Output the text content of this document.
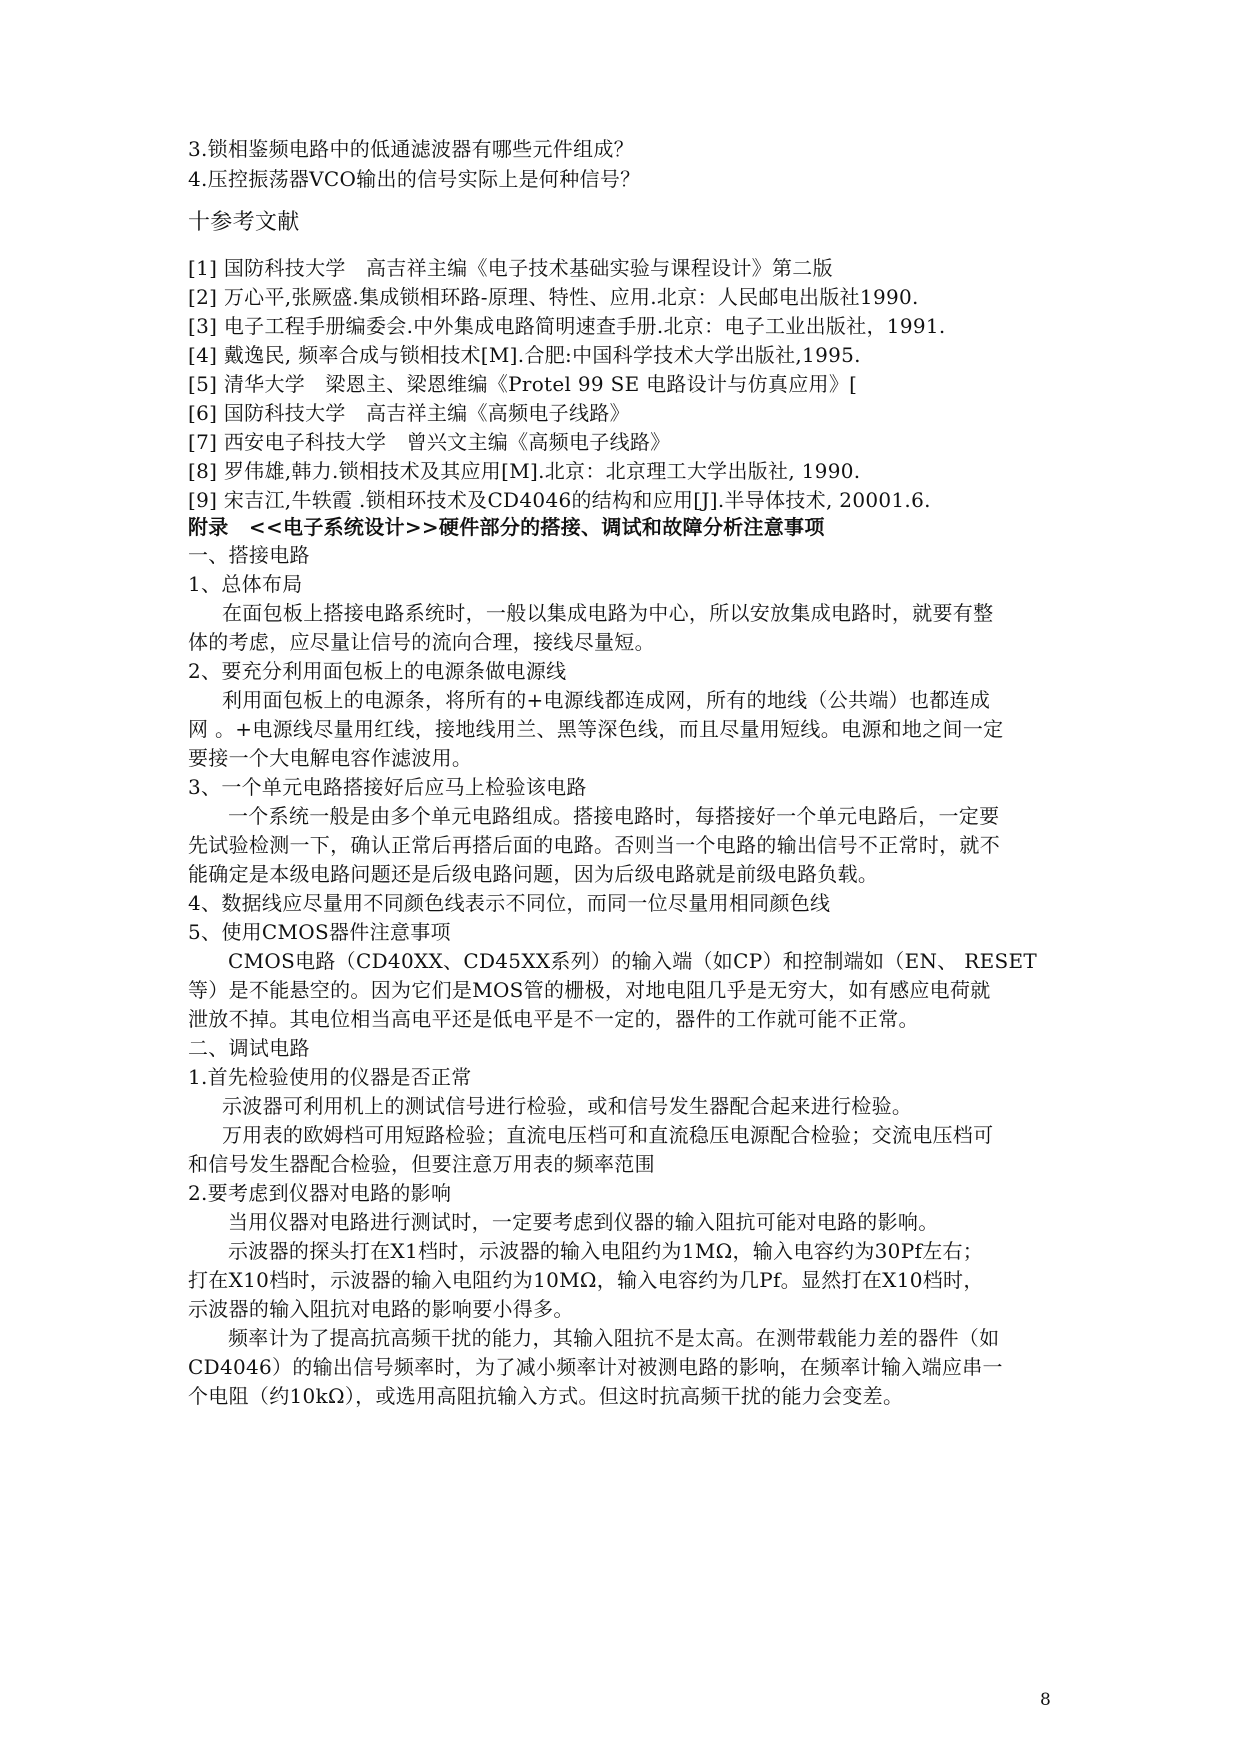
3.锁相鉴频电路中的低通滤波器有哪些元件组成？
4.压控振荡器VCO输出的信号实际上是何种信号？
十参考文献
[1] 国防科技大学　高吉祥主编《电子技术基础实验与课程设计》第二版
[2] 万心平,张厥盛.集成锁相环路-原理、特性、应用.北京：人民邮电出版社1990.
[3] 电子工程手册编委会.中外集成电路简明速查手册.北京：电子工业出版社，1991.
[4] 戴逸民, 频率合成与锁相技术[M].合肥:中国科学技术大学出版社,1995.
[5] 清华大学　梁恩主、梁恩维编《Protel 99 SE 电路设计与仿真应用》[
[6] 国防科技大学　高吉祥主编《高频电子线路》
[7] 西安电子科技大学　曾兴文主编《高频电子线路》
[8] 罗伟雄,韩力.锁相技术及其应用[M].北京：北京理工大学出版社, 1990.
[9] 宋吉江,牛轶霞 .锁相环技术及CD4046的结构和应用[J].半导体技术, 20001.6.
附录　<<电子系统设计>>硬件部分的搭接、调试和故障分析注意事项
一、搭接电路
1、总体布局
在面包板上搭接电路系统时，一般以集成电路为中心，所以安放集成电路时，就要有整
体的考虑，应尽量让信号的流向合理，接线尽量短。
2、要充分利用面包板上的电源条做电源线
利用面包板上的电源条，将所有的+电源线都连成网，所有的地线（公共端）也都连成
网 。+电源线尽量用红线，接地线用兰、黑等深色线，而且尽量用短线。电源和地之间一定
要接一个大电解电容作滤波用。
3、一个单元电路搭接好后应马上检验该电路
一个系统一般是由多个单元电路组成。搭接电路时，每搭接好一个单元电路后，一定要
先试验检测一下，确认正常后再搭后面的电路。否则当一个电路的输出信号不正常时，就不
能确定是本级电路问题还是后级电路问题，因为后级电路就是前级电路负载。
4、数据线应尽量用不同颜色线表示不同位，而同一位尽量用相同颜色线
5、使用CMOS器件注意事项
CMOS电路（CD40XX、CD45XX系列）的输入端（如CP）和控制端如（EN、 RESET
等）是不能悬空的。因为它们是MOS管的栅极，对地电阻几乎是无穷大，如有感应电荷就
泄放不掉。其电位相当高电平还是低电平是不一定的，器件的工作就可能不正常。
二、调试电路
1.首先检验使用的仪器是否正常
示波器可利用机上的测试信号进行检验，或和信号发生器配合起来进行检验。
万用表的欧姆档可用短路检验；直流电压档可和直流稳压电源配合检验；交流电压档可
和信号发生器配合检验，但要注意万用表的频率范围
2.要考虑到仪器对电路的影响
当用仪器对电路进行测试时，一定要考虑到仪器的输入阻抗可能对电路的影响。
示波器的探头打在X1档时，示波器的输入电阻约为1MΩ，输入电容约为30Pf左右；
打在X10档时，示波器的输入电阻约为10MΩ，输入电容约为几Pf。显然打在X10档时，
示波器的输入阻抗对电路的影响要小得多。
频率计为了提高抗高频干扰的能力，其输入阻抗不是太高。在测带载能力差的器件（如
CD4046）的输出信号频率时，为了减小频率计对被测电路的影响，在频率计输入端应串一
个电阻（约10kΩ），或选用高阻抗输入方式。但这时抗高频干扰的能力会变差。
8
